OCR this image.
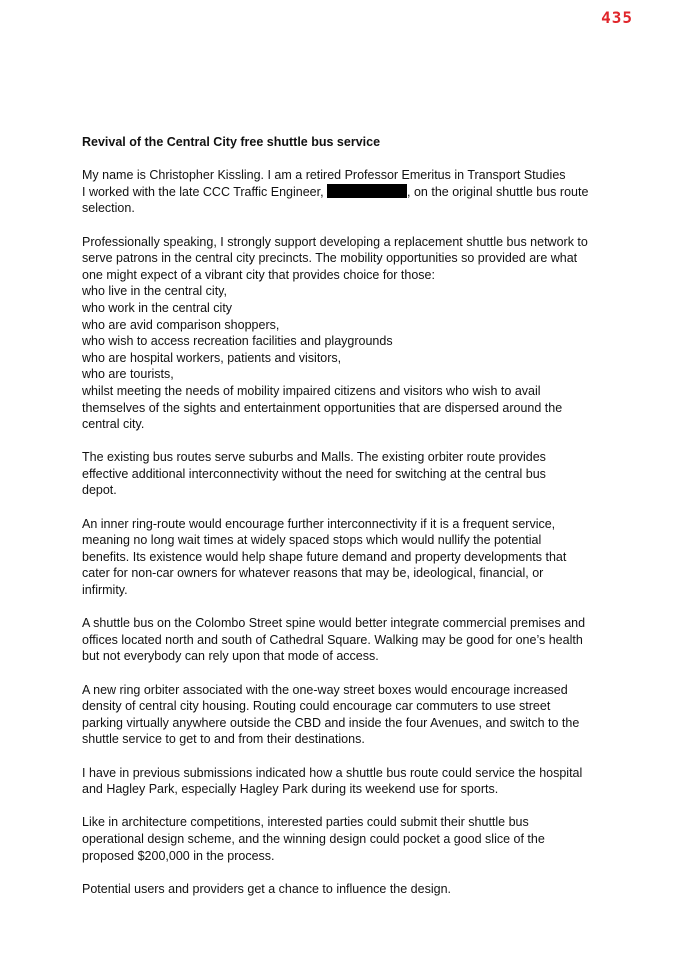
435
Revival of the Central City free shuttle bus service
My name is Christopher Kissling. I am a retired Professor Emeritus in Transport Studies
I worked with the late CCC Traffic Engineer,	, on the original shuttle bus route
selection.
Professionally speaking, I strongly support developing a replacement shuttle bus network to
serve patrons in the central city precincts. The mobility opportunities so provided are what
one might expect of a vibrant city that provides choice for those:
who live in the central city,
who work in the central city
who are avid comparison shoppers,
who wish to access recreation facilities and playgrounds
who are hospital workers, patients and visitors,
who are tourists,
whilst meeting the needs of mobility impaired citizens and visitors who wish to avail
themselves of the sights and entertainment opportunities that are dispersed around the
central city.
The existing bus routes serve suburbs and Malls. The existing orbiter route provides
effective additional interconnectivity without the need for switching at the central bus
depot.
An inner ring-route would encourage further interconnectivity if it is a frequent service,
meaning no long wait times at widely spaced stops which would nullify the potential
benefits. Its existence would help shape future demand and property developments that
cater for non-car owners for whatever reasons that may be, ideological, financial, or
infirmity.
A shuttle bus on the Colombo Street spine would better integrate commercial premises and
offices located north and south of Cathedral Square. Walking may be good for one’s health
but not everybody can rely upon that mode of access.
A new ring orbiter associated with the one-way street boxes would encourage increased
density of central city housing. Routing could encourage car commuters to use street
parking virtually anywhere outside the CBD and inside the four Avenues, and switch to the
shuttle service to get to and from their destinations.
I have in previous submissions indicated how a shuttle bus route could service the hospital
and Hagley Park, especially Hagley Park during its weekend use for sports.
Like in architecture competitions, interested parties could submit their shuttle bus
operational design scheme, and the winning design could pocket a good slice of the
proposed $200,000 in the process.
Potential users and providers get a chance to influence the design.
